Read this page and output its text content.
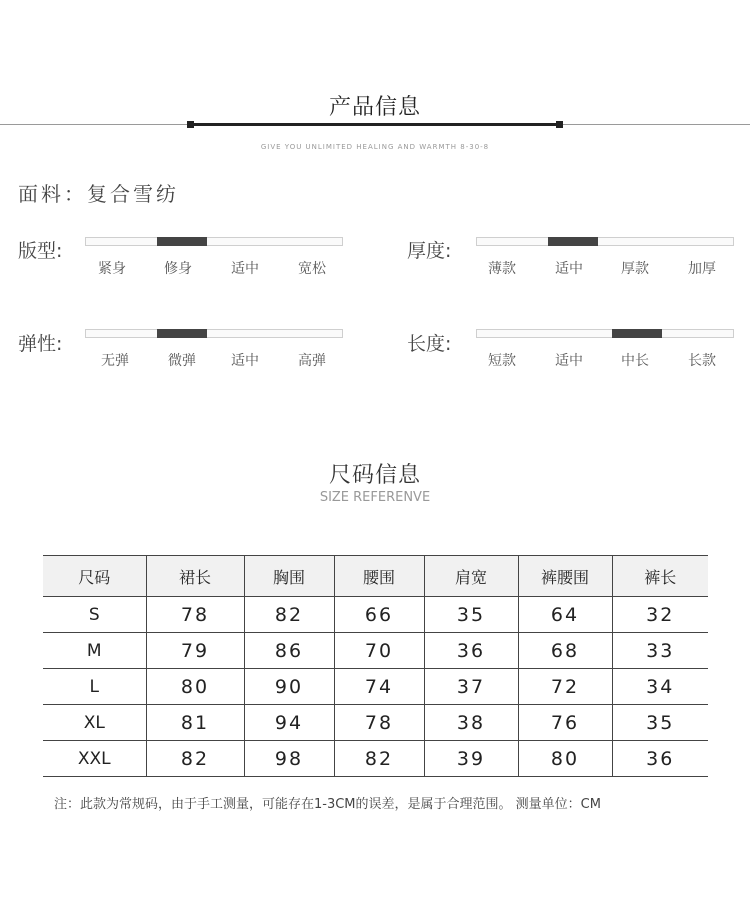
产品信息
GIVE YOU UNLIMITED HEALING AND WARMTH 8-30-8
面料：复合雪纺
版型:
紧身	修身	适中	宽松
厚度:
薄款	适中	厚款	加厚
弹性:
无弹	微弹	适中	高弹
长度:
短款	适中	中长	长款
尺码信息
SIZE REFERENVE
尺码	裙长	胸围	腰围	肩宽	裤腰围	裤长
S	78	82	66	35	64	32
M	79	86	70	36	68	33
L	80	90	74	37	72	34
XL	81	94	78	38	76	35
XXL	82	98	82	39	80	36
注：此款为常规码，由于手工测量，可能存在1-3CM的误差，是属于合理范围。 测量单位：CM
